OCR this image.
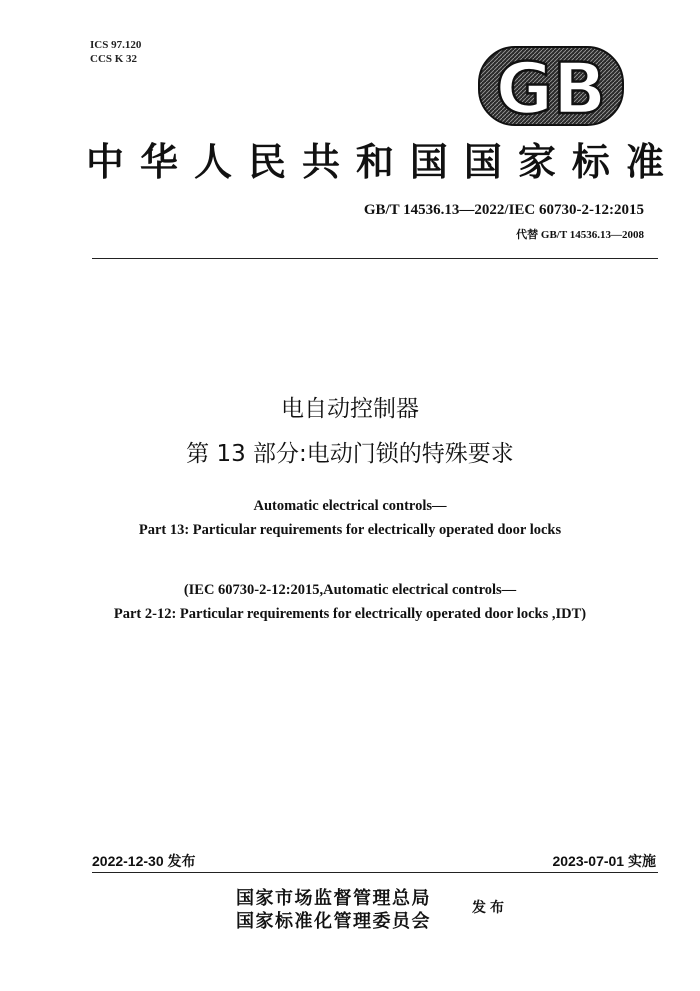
ICS 97.120
CCS K 32	GB
中 华 人 民 共 和 国 国 家 标 准
GB/T 14536.13—2022/IEC 60730-2-12:2015
代替 GB/T 14536.13—2008
电自动控制器
第 13 部分:电动门锁的特殊要求
Automatic electrical controls—
Part 13: Particular requirements for electrically operated door locks
(IEC 60730-2-12:2015,Automatic electrical controls—
Part 2-12: Particular requirements for electrically operated door locks ,IDT)
2022-12-30 发布	2023-07-01 实施
国家市场监督管理总局
国家标准化管理委员会
发布
